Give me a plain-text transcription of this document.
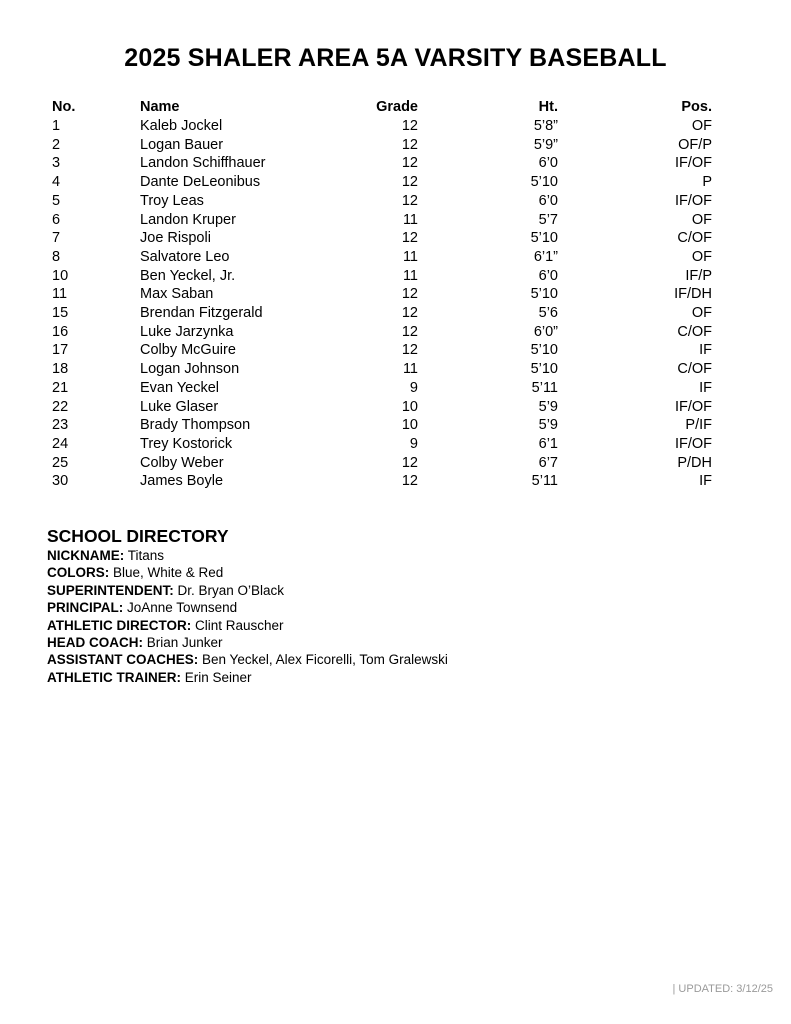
2025 SHALER AREA 5A VARSITY BASEBALL
No.	Name	Grade	Ht.	Pos.
1	Kaleb Jockel	12	5’8”	OF
2	Logan Bauer	12	5’9”	OF/P
3	Landon Schiffhauer	12	6’0	IF/OF
4	Dante DeLeonibus	12	5’10	P
5	Troy Leas	12	6’0	IF/OF
6	Landon Kruper	11	5’7	OF
7	Joe Rispoli	12	5’10	C/OF
8	Salvatore Leo	11	6’1”	OF
10	Ben Yeckel, Jr.	11	6’0	IF/P
11	Max Saban	12	5’10	IF/DH
15	Brendan Fitzgerald	12	5’6	OF
16	Luke Jarzynka	12	6’0”	C/OF
17	Colby McGuire	12	5’10	IF
18	Logan Johnson	11	5’10	C/OF
21	Evan Yeckel	9	5’11	IF
22	Luke Glaser	10	5’9	IF/OF
23	Brady Thompson	10	5’9	P/IF
24	Trey Kostorick	9	6’1	IF/OF
25	Colby Weber	12	6’7	P/DH
30	James Boyle	12	5’11	IF
SCHOOL DIRECTORY
NICKNAME: Titans
COLORS: Blue, White & Red
SUPERINTENDENT: Dr. Bryan O’Black
PRINCIPAL: JoAnne Townsend
ATHLETIC DIRECTOR: Clint Rauscher
HEAD COACH: Brian Junker
ASSISTANT COACHES: Ben Yeckel, Alex Ficorelli, Tom Gralewski
ATHLETIC TRAINER: Erin Seiner
| UPDATED: 3/12/25
